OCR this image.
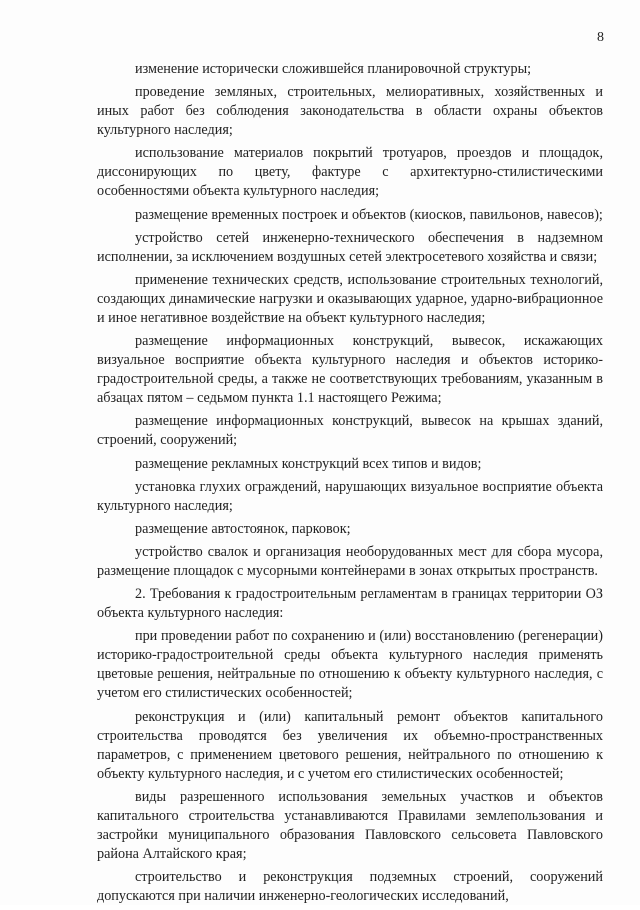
8

изменение исторически сложившейся планировочной структуры;

проведение земляных, строительных, мелиоративных, хозяйственных и иных работ без соблюдения законодательства в области охраны объектов культурного наследия;

использование материалов покрытий тротуаров, проездов и площадок, диссонирующих по цвету, фактуре с архитектурно-стилистическими особенностями объекта культурного наследия;

размещение временных построек и объектов (киосков, павильонов, навесов);

устройство сетей инженерно-технического обеспечения в надземном исполнении, за исключением воздушных сетей электросетевого хозяйства и связи;

применение технических средств, использование строительных технологий, создающих динамические нагрузки и оказывающих ударное, ударно-вибрационное и иное негативное воздействие на объект культурного наследия;

размещение информационных конструкций, вывесок, искажающих визуальное восприятие объекта культурного наследия и объектов историко-градостроительной среды, а также не соответствующих требованиям, указанным в абзацах пятом – седьмом пункта 1.1 настоящего Режима;

размещение информационных конструкций, вывесок на крышах зданий, строений, сооружений;

размещение рекламных конструкций всех типов и видов;

установка глухих ограждений, нарушающих визуальное восприятие объекта культурного наследия;

размещение автостоянок, парковок;

устройство свалок и организация необорудованных мест для сбора мусора, размещение площадок с мусорными контейнерами в зонах открытых пространств.

2. Требования к градостроительным регламентам в границах территории ОЗ объекта культурного наследия:

при проведении работ по сохранению и (или) восстановлению (регенерации) историко-градостроительной среды объекта культурного наследия применять цветовые решения, нейтральные по отношению к объекту культурного наследия, с учетом его стилистических особенностей;

реконструкция и (или) капитальный ремонт объектов капитального строительства проводятся без увеличения их объемно-пространственных параметров, с применением цветового решения, нейтрального по отношению к объекту культурного наследия, и с учетом его стилистических особенностей;

виды разрешенного использования земельных участков и объектов капитального строительства устанавливаются Правилами землепользования и застройки муниципального образования Павловского сельсовета Павловского района Алтайского края;

строительство и реконструкция подземных строений, сооружений допускаются при наличии инженерно-геологических исследований,
